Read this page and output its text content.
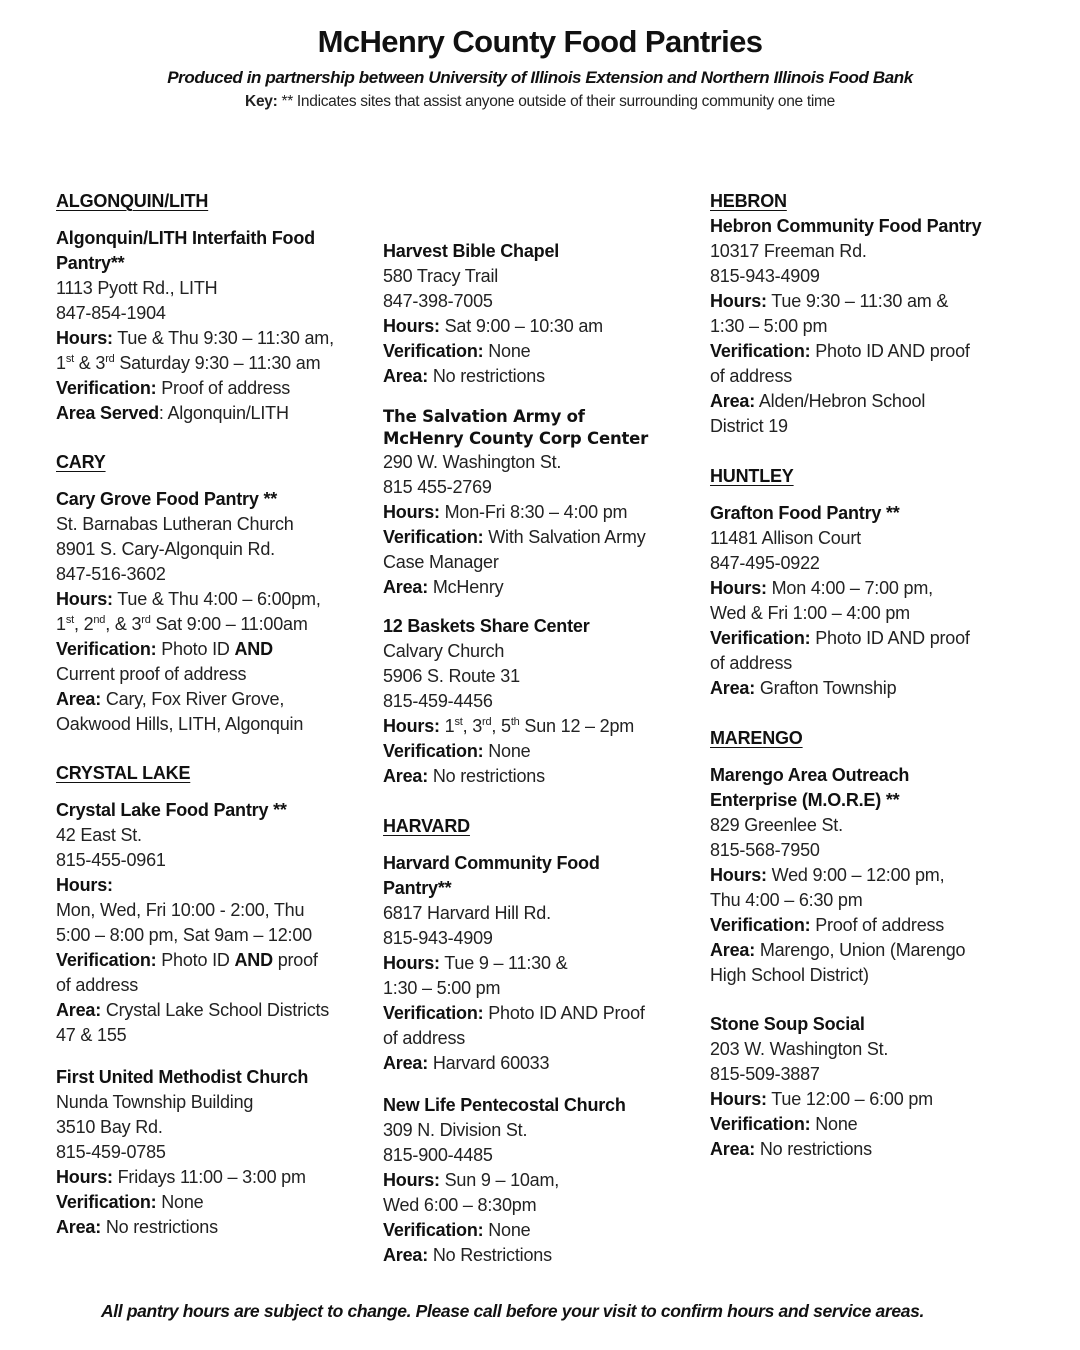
McHenry County Food Pantries
Produced in partnership between University of Illinois Extension and Northern Illinois Food Bank
Key: ** Indicates sites that assist anyone outside of their surrounding community one time
ALGONQUIN/LITH
Algonquin/LITH Interfaith Food
Pantry**
1113 Pyott Rd., LITH
847-854-1904
Hours: Tue & Thu 9:30 – 11:30 am,
1st & 3rd Saturday 9:30 – 11:30 am
Verification: Proof of address
Area Served: Algonquin/LITH
CARY
Cary Grove Food Pantry **
St. Barnabas Lutheran Church
8901 S. Cary-Algonquin Rd.
847-516-3602
Hours: Tue & Thu 4:00 – 6:00pm,
1st, 2nd, & 3rd Sat 9:00 – 11:00am
Verification: Photo ID AND
Current proof of address
Area: Cary, Fox River Grove,
Oakwood Hills, LITH, Algonquin
CRYSTAL LAKE
Crystal Lake Food Pantry **
42 East St.
815-455-0961
Hours:
Mon, Wed, Fri 10:00 - 2:00, Thu
5:00 – 8:00 pm, Sat 9am – 12:00
Verification: Photo ID AND proof
of address
Area: Crystal Lake School Districts
47 & 155
First United Methodist Church
Nunda Township Building
3510 Bay Rd.
815-459-0785
Hours: Fridays 11:00 – 3:00 pm
Verification: None
Area: No restrictions
Harvest Bible Chapel
580 Tracy Trail
847-398-7005
Hours: Sat 9:00 – 10:30 am
Verification: None
Area: No restrictions
The Salvation Army of
McHenry County Corp Center
290 W. Washington St.
815 455-2769
Hours: Mon-Fri 8:30 – 4:00 pm
Verification: With Salvation Army
Case Manager
Area: McHenry
12 Baskets Share Center
Calvary Church
5906 S. Route 31
815-459-4456
Hours: 1st, 3rd, 5th Sun 12 – 2pm
Verification: None
Area: No restrictions
HARVARD
Harvard Community Food
Pantry**
6817 Harvard Hill Rd.
815-943-4909
Hours: Tue 9 – 11:30 &
1:30 – 5:00 pm
Verification: Photo ID AND Proof
of address
Area: Harvard 60033
New Life Pentecostal Church
309 N. Division St.
815-900-4485
Hours: Sun 9 – 10am,
Wed 6:00 – 8:30pm
Verification: None
Area: No Restrictions
HEBRON
Hebron Community Food Pantry
10317 Freeman Rd.
815-943-4909
Hours: Tue 9:30 – 11:30 am &
1:30 – 5:00 pm
Verification: Photo ID AND proof
of address
Area: Alden/Hebron School
District 19
HUNTLEY
Grafton Food Pantry **
11481 Allison Court
847-495-0922
Hours: Mon 4:00 – 7:00 pm,
Wed & Fri 1:00 – 4:00 pm
Verification: Photo ID AND proof
of address
Area: Grafton Township
MARENGO
Marengo Area Outreach
Enterprise (M.O.R.E) **
829 Greenlee St.
815-568-7950
Hours: Wed 9:00 – 12:00 pm,
Thu 4:00 – 6:30 pm
Verification: Proof of address
Area: Marengo, Union (Marengo
High School District)
Stone Soup Social
203 W. Washington St.
815-509-3887
Hours: Tue 12:00 – 6:00 pm
Verification: None
Area: No restrictions
All pantry hours are subject to change. Please call before your visit to confirm hours and service areas.
